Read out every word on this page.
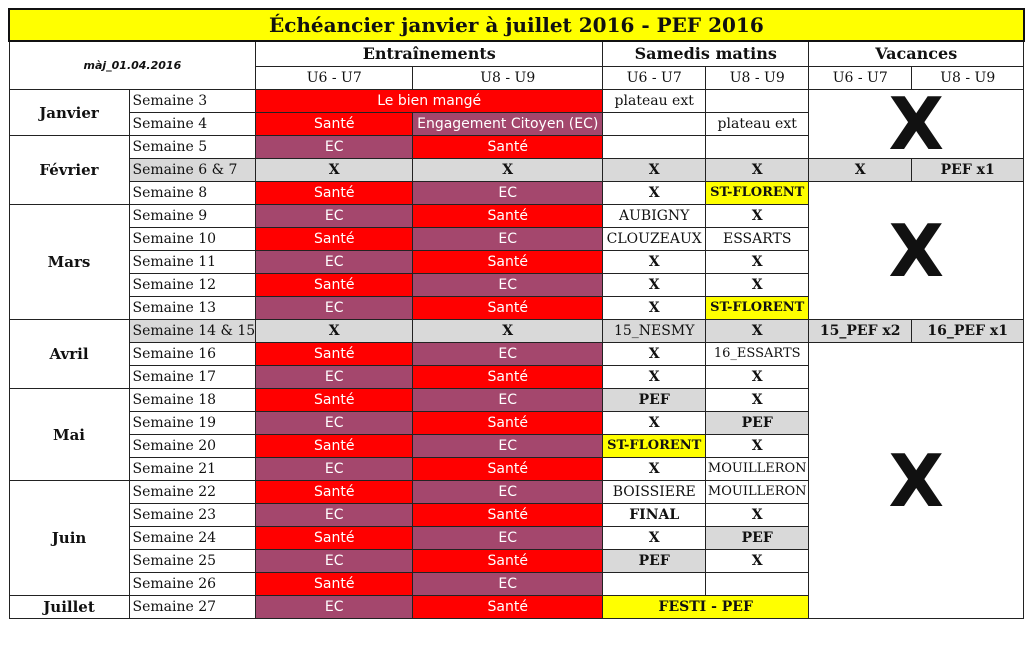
Échéancier janvier à juillet 2016 - PEF 2016							
màj_01.04.2016		Entraînements		Samedis matins		Vacances	
		U6 - U7	U8 - U9	U6 - U7	U8 - U9	U6 - U7	U8 - U9
Janvier	Semaine 3	Le bien mangé		plateau ext		X	
	Semaine 4	Santé	Engagement Citoyen (EC)		plateau ext		
Février	Semaine 5	EC	Santé				
	Semaine 6 & 7	X	X	X	X	X	PEF x1
	Semaine 8	Santé	EC	X	ST-FLORENT	X	
Mars	Semaine 9	EC	Santé	AUBIGNY	X		
	Semaine 10	Santé	EC	CLOUZEAUX	ESSARTS		
	Semaine 11	EC	Santé	X	X		
	Semaine 12	Santé	EC	X	X		
	Semaine 13	EC	Santé	X	ST-FLORENT		
Avril	Semaine 14 & 15	X	X	15_NESMY	X	15_PEF x2	16_PEF x1
	Semaine 16	Santé	EC	X	16_ESSARTS	X	
	Semaine 17	EC	Santé	X	X		
Mai	Semaine 18	Santé	EC	PEF	X		
	Semaine 19	EC	Santé	X	PEF		
	Semaine 20	Santé	EC	ST-FLORENT	X		
	Semaine 21	EC	Santé	X	MOUILLERON		
Juin	Semaine 22	Santé	EC	BOISSIERE	MOUILLERON		
	Semaine 23	EC	Santé	FINAL	X		
	Semaine 24	Santé	EC	X	PEF		
	Semaine 25	EC	Santé	PEF	X		
	Semaine 26	Santé	EC				
Juillet	Semaine 27	EC	Santé	FESTI - PEF			
